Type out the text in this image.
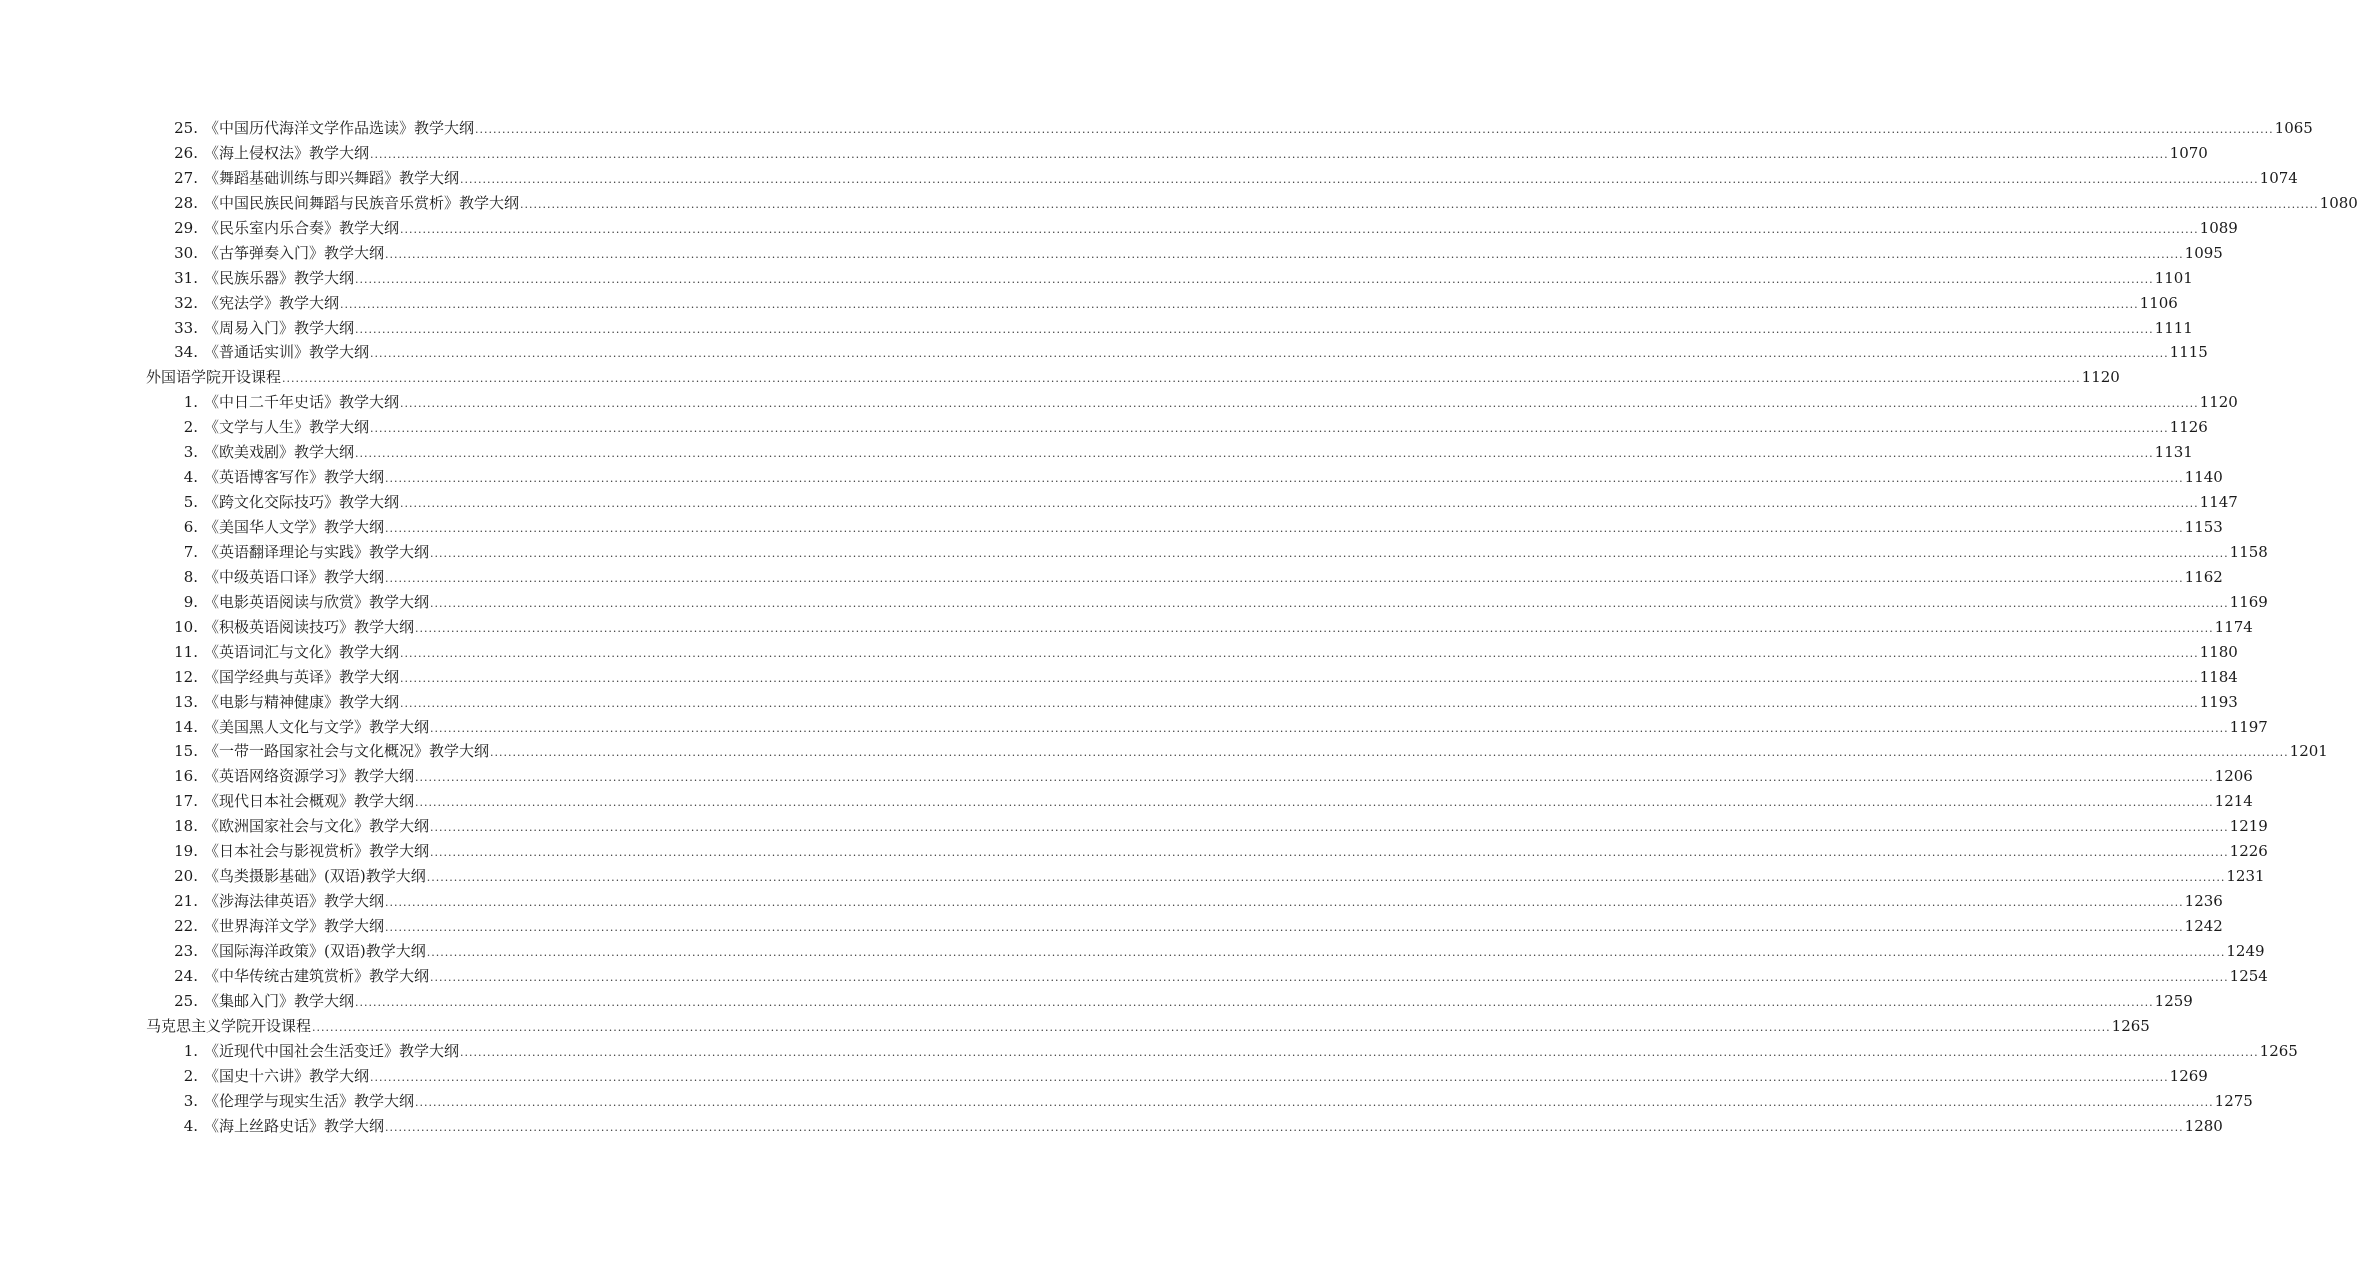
25. 《中国历代海洋文学作品选读》教学大纲 ................................................................................................................................................................................................................................................................................................................................................................................................................ 1065
26. 《海上侵权法》教学大纲 ................................................................................................................................................................................................................................................................................................................................................................................................................ 1070
27. 《舞蹈基础训练与即兴舞蹈》教学大纲 ................................................................................................................................................................................................................................................................................................................................................................................................................ 1074
28. 《中国民族民间舞蹈与民族音乐赏析》教学大纲 ................................................................................................................................................................................................................................................................................................................................................................................................................ 1080
29. 《民乐室内乐合奏》教学大纲 ................................................................................................................................................................................................................................................................................................................................................................................................................ 1089
30. 《古筝弹奏入门》教学大纲 ................................................................................................................................................................................................................................................................................................................................................................................................................ 1095
31. 《民族乐器》教学大纲 ................................................................................................................................................................................................................................................................................................................................................................................................................ 1101
32. 《宪法学》教学大纲 ................................................................................................................................................................................................................................................................................................................................................................................................................ 1106
33. 《周易入门》教学大纲 ................................................................................................................................................................................................................................................................................................................................................................................................................ 1111
34. 《普通话实训》教学大纲 ................................................................................................................................................................................................................................................................................................................................................................................................................ 1115
外国语学院开设课程 ................................................................................................................................................................................................................................................................................................................................................................................................................ 1120
1. 《中日二千年史话》教学大纲 ................................................................................................................................................................................................................................................................................................................................................................................................................ 1120
2. 《文学与人生》教学大纲 ................................................................................................................................................................................................................................................................................................................................................................................................................ 1126
3. 《欧美戏剧》教学大纲 ................................................................................................................................................................................................................................................................................................................................................................................................................ 1131
4. 《英语博客写作》教学大纲 ................................................................................................................................................................................................................................................................................................................................................................................................................ 1140
5. 《跨文化交际技巧》教学大纲 ................................................................................................................................................................................................................................................................................................................................................................................................................ 1147
6. 《美国华人文学》教学大纲 ................................................................................................................................................................................................................................................................................................................................................................................................................ 1153
7. 《英语翻译理论与实践》教学大纲 ................................................................................................................................................................................................................................................................................................................................................................................................................ 1158
8. 《中级英语口译》教学大纲 ................................................................................................................................................................................................................................................................................................................................................................................................................ 1162
9. 《电影英语阅读与欣赏》教学大纲 ................................................................................................................................................................................................................................................................................................................................................................................................................ 1169
10. 《积极英语阅读技巧》教学大纲 ................................................................................................................................................................................................................................................................................................................................................................................................................ 1174
11. 《英语词汇与文化》教学大纲 ................................................................................................................................................................................................................................................................................................................................................................................................................ 1180
12. 《国学经典与英译》教学大纲 ................................................................................................................................................................................................................................................................................................................................................................................................................ 1184
13. 《电影与精神健康》教学大纲 ................................................................................................................................................................................................................................................................................................................................................................................................................ 1193
14. 《美国黑人文化与文学》教学大纲 ................................................................................................................................................................................................................................................................................................................................................................................................................ 1197
15. 《一带一路国家社会与文化概况》教学大纲 ................................................................................................................................................................................................................................................................................................................................................................................................................ 1201
16. 《英语网络资源学习》教学大纲 ................................................................................................................................................................................................................................................................................................................................................................................................................ 1206
17. 《现代日本社会概观》教学大纲 ................................................................................................................................................................................................................................................................................................................................................................................................................ 1214
18. 《欧洲国家社会与文化》教学大纲 ................................................................................................................................................................................................................................................................................................................................................................................................................ 1219
19. 《日本社会与影视赏析》教学大纲 ................................................................................................................................................................................................................................................................................................................................................................................................................ 1226
20. 《鸟类摄影基础》(双语)教学大纲 ................................................................................................................................................................................................................................................................................................................................................................................................................ 1231
21. 《涉海法律英语》教学大纲 ................................................................................................................................................................................................................................................................................................................................................................................................................ 1236
22. 《世界海洋文学》教学大纲 ................................................................................................................................................................................................................................................................................................................................................................................................................ 1242
23. 《国际海洋政策》(双语)教学大纲 ................................................................................................................................................................................................................................................................................................................................................................................................................ 1249
24. 《中华传统古建筑赏析》教学大纲 ................................................................................................................................................................................................................................................................................................................................................................................................................ 1254
25. 《集邮入门》教学大纲 ................................................................................................................................................................................................................................................................................................................................................................................................................ 1259
马克思主义学院开设课程 ................................................................................................................................................................................................................................................................................................................................................................................................................ 1265
1. 《近现代中国社会生活变迁》教学大纲 ................................................................................................................................................................................................................................................................................................................................................................................................................ 1265
2. 《国史十六讲》教学大纲 ................................................................................................................................................................................................................................................................................................................................................................................................................ 1269
3. 《伦理学与现实生活》教学大纲 ................................................................................................................................................................................................................................................................................................................................................................................................................ 1275
4. 《海上丝路史话》教学大纲 ................................................................................................................................................................................................................................................................................................................................................................................................................ 1280
